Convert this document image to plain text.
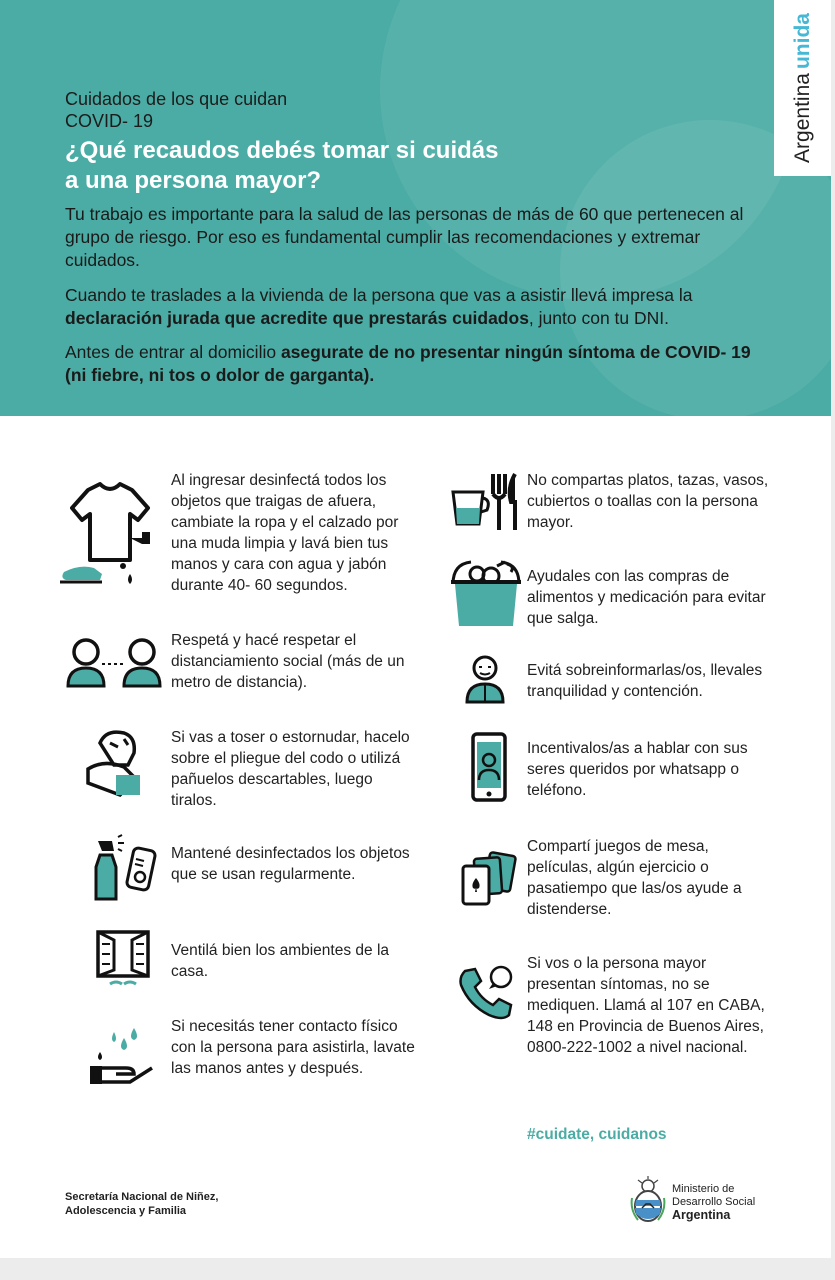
Argentina
unida
Cuidados de los que cuidan
COVID- 19
¿Qué recaudos debés tomar si cuidás
a una persona mayor?
Tu trabajo es importante para la salud de las personas de más de 60 que pertenecen al grupo de riesgo. Por eso es fundamental cumplir las recomendaciones y extremar cuidados.
Cuando te traslades a la vivienda de la persona que vas a asistir llevá impresa la declaración jurada que acredite que prestarás cuidados, junto con tu DNI.
Antes de entrar al domicilio asegurate de no presentar ningún síntoma de COVID- 19 (ni fiebre, ni tos o dolor de garganta).
Al ingresar desinfectá todos los objetos que traigas de afuera, cambiate la ropa y el calzado por una muda limpia y lavá bien tus manos y cara con agua y jabón durante 40- 60 segundos.
Respetá y hacé respetar el distanciamiento social (más de un metro de distancia).
Si vas a toser o estornudar, hacelo sobre el pliegue del codo o utilizá pañuelos descartables, luego tiralos.
Mantené desinfectados los objetos que se usan regularmente.
Ventilá bien los ambientes de la casa.
Si necesitás tener contacto físico con la persona para asistirla, lavate las manos antes y después.
No compartas platos, tazas, vasos, cubiertos o toallas con la persona mayor.
Ayudales con las compras de alimentos y medicación para evitar que salga.
Evitá sobreinformarlas/os, llevales tranquilidad y contención.
Incentivalos/as a hablar con sus seres queridos por whatsapp o teléfono.
Compartí juegos de mesa, películas, algún ejercicio o pasatiempo que las/os ayude a distenderse.
Si vos o la persona mayor presentan síntomas, no se mediquen. Llamá al 107 en CABA, 148 en Provincia de Buenos Aires, 0800-222-1002 a nivel nacional.
#cuidate, cuidanos
Secretaría Nacional de Niñez,
Adolescencia y Familia
Ministerio de
Desarrollo Social
Argentina
